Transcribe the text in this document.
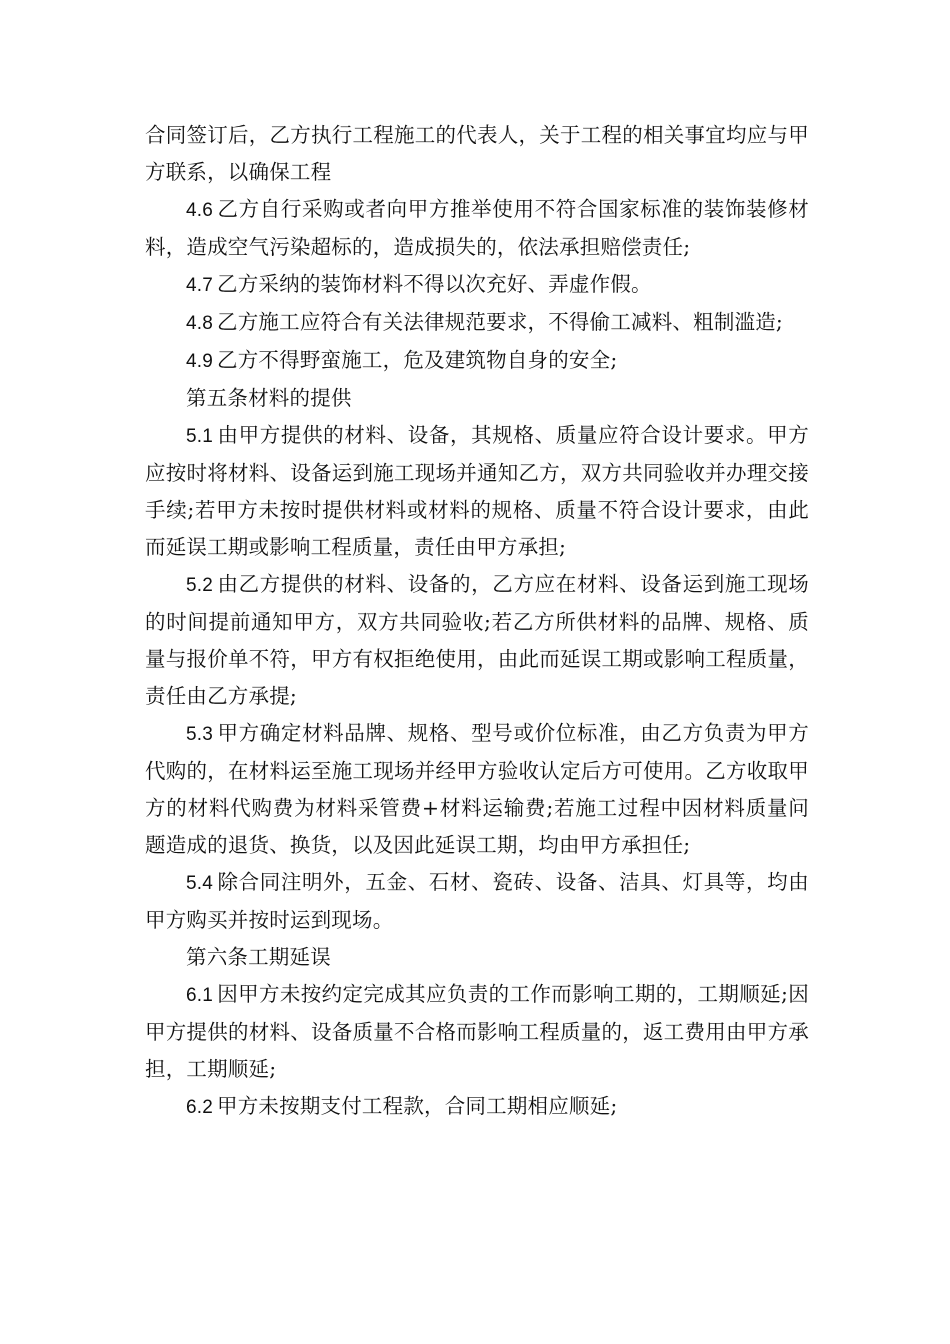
合同签订后，乙方执行工程施工的代表人，关于工程的相关事宜均应与甲方联系，以确保工程

4.6 乙方自行采购或者向甲方推举使用不符合国家标准的装饰装修材料，造成空气污染超标的，造成损失的，依法承担赔偿责任;

4.7 乙方采纳的装饰材料不得以次充好、弄虚作假。

4.8 乙方施工应符合有关法律规范要求，不得偷工减料、粗制滥造;

4.9 乙方不得野蛮施工，危及建筑物自身的安全;

第五条材料的提供

5.1 由甲方提供的材料、设备，其规格、质量应符合设计要求。甲方应按时将材料、设备运到施工现场并通知乙方，双方共同验收并办理交接手续;若甲方未按时提供材料或材料的规格、质量不符合设计要求，由此而延误工期或影响工程质量，责任由甲方承担;

5.2 由乙方提供的材料、设备的，乙方应在材料、设备运到施工现场的时间提前通知甲方，双方共同验收;若乙方所供材料的品牌、规格、质量与报价单不符，甲方有权拒绝使用，由此而延误工期或影响工程质量，责任由乙方承提;

5.3 甲方确定材料品牌、规格、型号或价位标准，由乙方负责为甲方代购的，在材料运至施工现场并经甲方验收认定后方可使用。乙方收取甲方的材料代购费为材料采管费+材料运输费;若施工过程中因材料质量问题造成的退货、换货，以及因此延误工期，均由甲方承担任;

5.4 除合同注明外，五金、石材、瓷砖、设备、洁具、灯具等，均由甲方购买并按时运到现场。

第六条工期延误

6.1 因甲方未按约定完成其应负责的工作而影响工期的，工期顺延;因甲方提供的材料、设备质量不合格而影响工程质量的，返工费用由甲方承担，工期顺延;

6.2 甲方未按期支付工程款，合同工期相应顺延;
